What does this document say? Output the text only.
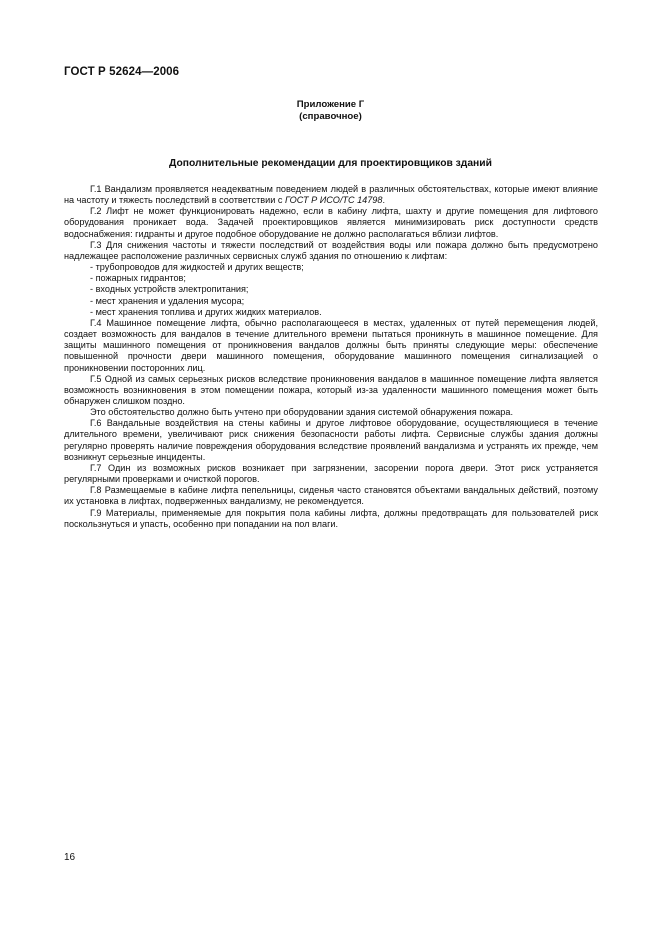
ГОСТ Р 52624—2006
Приложение Г
(справочное)
Дополнительные рекомендации для проектировщиков зданий

Г.1 Вандализм проявляется неадекватным поведением людей в различных обстоятельствах, которые имеют влияние на частоту и тяжесть последствий в соответствии с ГОСТ Р ИСО/ТС 14798.

Г.2 Лифт не может функционировать надежно, если в кабину лифта, шахту и другие помещения для лифтового оборудования проникает вода. Задачей проектировщиков является минимизировать риск доступности средств водоснабжения: гидранты и другое подобное оборудование не должно располагаться вблизи лифтов.

Г.3 Для снижения частоты и тяжести последствий от воздействия воды или пожара должно быть предусмотрено надлежащее расположение различных сервисных служб здания по отношению к лифтам:

- трубопроводов для жидкостей и других веществ;
- пожарных гидрантов;
- входных устройств электропитания;
- мест хранения и удаления мусора;
- мест хранения топлива и других жидких материалов.

Г.4 Машинное помещение лифта, обычно располагающееся в местах, удаленных от путей перемещения людей, создает возможность для вандалов в течение длительного времени пытаться проникнуть в машинное помещение. Для защиты машинного помещения от проникновения вандалов должны быть приняты следующие меры: обеспечение повышенной прочности двери машинного помещения, оборудование машинного помещения сигнализацией о проникновении посторонних лиц.

Г.5 Одной из самых серьезных рисков вследствие проникновения вандалов в машинное помещение лифта является возможность возникновения в этом помещении пожара, который из-за удаленности машинного помещения может быть обнаружен слишком поздно.

Это обстоятельство должно быть учтено при оборудовании здания системой обнаружения пожара.

Г.6 Вандальные воздействия на стены кабины и другое лифтовое оборудование, осуществляющиеся в течение длительного времени, увеличивают риск снижения безопасности работы лифта. Сервисные службы здания должны регулярно проверять наличие повреждения оборудования вследствие проявлений вандализма и устранять их прежде, чем возникнут серьезные инциденты.

Г.7 Один из возможных рисков возникает при загрязнении, засорении порога двери. Этот риск устраняется регулярными проверками и очисткой порогов.

Г.8 Размещаемые в кабине лифта пепельницы, сиденья часто становятся объектами вандальных действий, поэтому их установка в лифтах, подверженных вандализму, не рекомендуется.

Г.9 Материалы, применяемые для покрытия пола кабины лифта, должны предотвращать для пользователей риск поскользнуться и упасть, особенно при попадании на пол влаги.

16
